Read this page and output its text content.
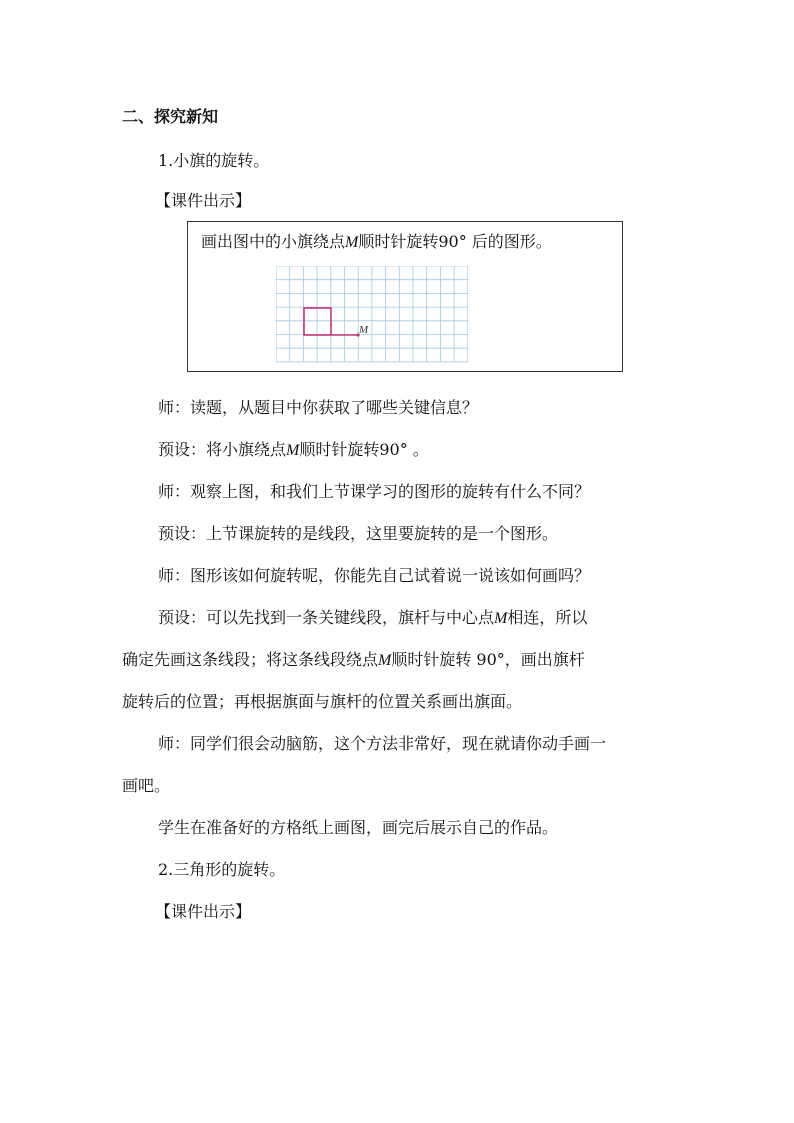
二、探究新知
1.小旗的旋转。
【课件出示】
画出图中的小旗绕点M顺时针旋转90° 后的图形。
M
师：读题，从题目中你获取了哪些关键信息？
预设：将小旗绕点M顺时针旋转90° 。
师：观察上图，和我们上节课学习的图形的旋转有什么不同？
预设：上节课旋转的是线段，这里要旋转的是一个图形。
师：图形该如何旋转呢，你能先自己试着说一说该如何画吗？
预设：可以先找到一条关键线段，旗杆与中心点M相连，所以
确定先画这条线段；将这条线段绕点M顺时针旋转 90°，画出旗杆
旋转后的位置；再根据旗面与旗杆的位置关系画出旗面。
师：同学们很会动脑筋，这个方法非常好，现在就请你动手画一
画吧。
学生在准备好的方格纸上画图，画完后展示自己的作品。
2.三角形的旋转。
【课件出示】
